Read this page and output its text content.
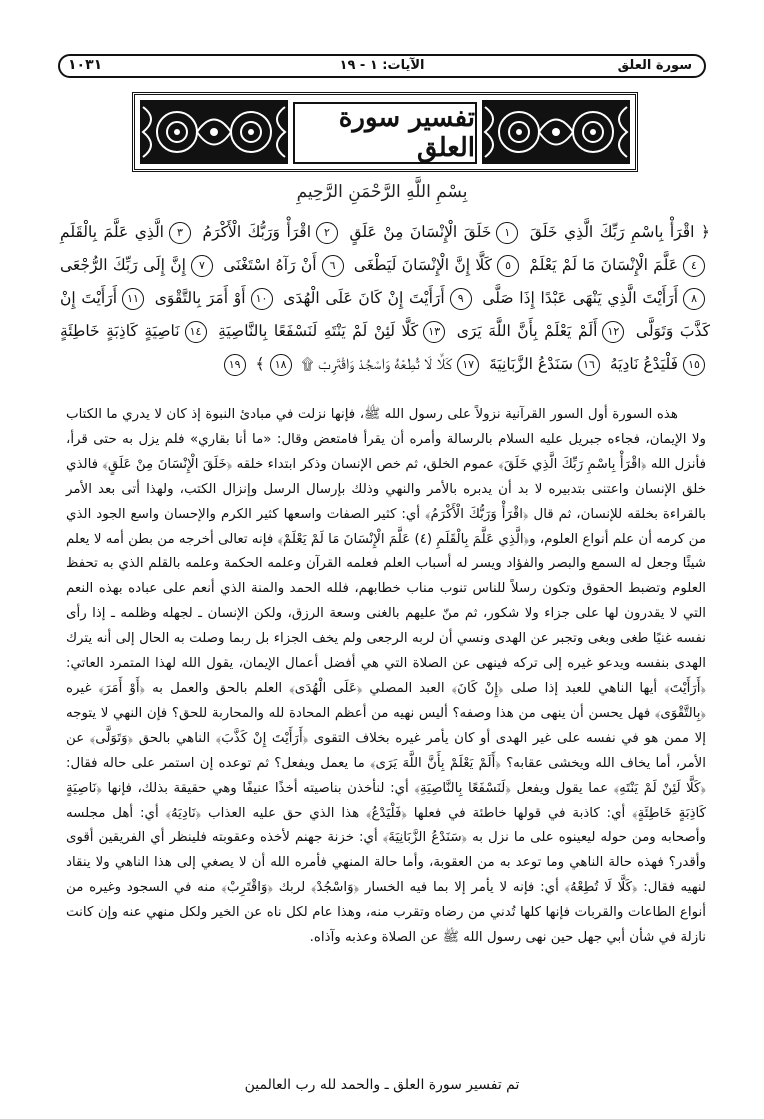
سورة العلق
الآيات: ١ - ١٩
١٠٣١
تفسير سورة العلق
بِسْمِ اللَّهِ الرَّحْمَنِ الرَّحِيمِ
﴿ اقْرَأْ بِاسْمِ رَبِّكَ الَّذِي خَلَقَ ١خَلَقَ الْإِنْسَانَ مِنْ عَلَقٍ ٢اقْرَأْ وَرَبُّكَ الْأَكْرَمُ ٣الَّذِي عَلَّمَ بِالْقَلَمِ ٤عَلَّمَ الْإِنْسَانَ مَا لَمْ يَعْلَمْ ٥كَلَّا إِنَّ الْإِنْسَانَ لَيَطْغَى ٦أَنْ رَآهُ اسْتَغْنَى ٧إِنَّ إِلَى رَبِّكَ الرُّجْعَى ٨أَرَأَيْتَ الَّذِي يَنْهَى عَبْدًا إِذَا صَلَّى ٩أَرَأَيْتَ إِنْ كَانَ عَلَى الْهُدَى ١٠أَوْ أَمَرَ بِالتَّقْوَى ١١أَرَأَيْتَ إِنْ كَذَّبَ وَتَوَلَّى ١٢أَلَمْ يَعْلَمْ بِأَنَّ اللَّهَ يَرَى ١٣كَلَّا لَئِنْ لَمْ يَنْتَهِ لَنَسْفَعًا بِالنَّاصِيَةِ ١٤نَاصِيَةٍ كَاذِبَةٍ خَاطِئَةٍ ١٥فَلْيَدْعُ نَادِيَهُ ١٦سَنَدْعُ الزَّبَانِيَةَ ١٧كَلَّا لَا تُطِعْهُ وَاسْجُدْ وَاقْتَرِبْ ۩ ١٨﴾ ١٩

هذه السورة أول السور القرآنية نزولاً على رسول الله ﷺ، فإنها نزلت في مبادئ النبوة إذ كان لا يدري ما الكتاب ولا الإيمان، فجاءه جبريل عليه السلام بالرسالة وأمره أن يقرأ فامتعض وقال: «ما أنا بقاري» فلم يزل به حتى قرأ، فأنزل الله ﴿اقْرَأْ بِاسْمِ رَبِّكَ الَّذِي خَلَقَ﴾ عموم الخلق، ثم خص الإنسان وذكر ابتداء خلقه ﴿خَلَقَ الْإِنْسَانَ مِنْ عَلَقٍ﴾ فالذي خلق الإنسان واعتنى بتدبيره لا بد أن يدبره بالأمر والنهي وذلك بإرسال الرسل وإنزال الكتب، ولهذا أتى بعد الأمر بالقراءة بخلقه للإنسان، ثم قال ﴿اقْرَأْ وَرَبُّكَ الْأَكْرَمُ﴾ أي: كثير الصفات واسعها كثير الكرم والإحسان واسع الجود الذي من كرمه أن علم أنواع العلوم، و﴿الَّذِي عَلَّمَ بِالْقَلَمِ (٤) عَلَّمَ الْإِنْسَانَ مَا لَمْ يَعْلَمْ﴾ فإنه تعالى أخرجه من بطن أمه لا يعلم شيئًا وجعل له السمع والبصر والفؤاد ويسر له أسباب العلم فعلمه القرآن وعلمه الحكمة وعلمه بالقلم الذي به تحفظ العلوم وتضبط الحقوق وتكون رسلاً للناس تنوب مناب خطابهم، فلله الحمد والمنة الذي أنعم على عباده بهذه النعم التي لا يقدرون لها على جزاء ولا شكور، ثم منّ عليهم بالغنى وسعة الرزق، ولكن الإنسان ـ لجهله وظلمه ـ إذا رأى نفسه غنيًا طغى وبغى وتجبر عن الهدى ونسي أن لربه الرجعى ولم يخف الجزاء بل ربما وصلت به الحال إلى أنه يترك الهدى بنفسه ويدعو غيره إلى تركه فينهى عن الصلاة التي هي أفضل أعمال الإيمان، يقول الله لهذا المتمرد العاتي: ﴿أَرَأَيْتَ﴾ أيها الناهي للعبد إذا صلى ﴿إِنْ كَانَ﴾ العبد المصلي ﴿عَلَى الْهُدَى﴾ العلم بالحق والعمل به ﴿أَوْ أَمَرَ﴾ غيره ﴿بِالتَّقْوَى﴾ فهل يحسن أن ينهى من هذا وصفه؟ أليس نهيه من أعظم المحادة لله والمحاربة للحق؟ فإن النهي لا يتوجه إلا ممن هو في نفسه على غير الهدى أو كان يأمر غيره بخلاف التقوى ﴿أَرَأَيْتَ إِنْ كَذَّبَ﴾ الناهي بالحق ﴿وَتَوَلَّى﴾ عن الأمر، أما يخاف الله ويخشى عقابه؟ ﴿أَلَمْ يَعْلَمْ بِأَنَّ اللَّهَ يَرَى﴾ ما يعمل ويفعل؟ ثم توعده إن استمر على حاله فقال: ﴿كَلَّا لَئِنْ لَمْ يَنْتَهِ﴾ عما يقول ويفعل ﴿لَنَسْفَعًا بِالنَّاصِيَةِ﴾ أي: لنأخذن بناصيته أخذًا عنيفًا وهي حقيقة بذلك، فإنها ﴿نَاصِيَةٍ كَاذِبَةٍ خَاطِئَةٍ﴾ أي: كاذبة في قولها خاطئة في فعلها ﴿فَلْيَدْعُ﴾ هذا الذي حق عليه العذاب ﴿نَادِيَهُ﴾ أي: أهل مجلسه وأصحابه ومن حوله ليعينوه على ما نزل به ﴿سَنَدْعُ الزَّبَانِيَةَ﴾ أي: خزنة جهنم لأخذه وعقوبته فلينظر أي الفريقين أقوى وأقدر؟ فهذه حالة الناهي وما توعد به من العقوبة، وأما حالة المنهي فأمره الله أن لا يصغي إلى هذا الناهي ولا ينقاد لنهيه فقال: ﴿كَلَّا لَا تُطِعْهُ﴾ أي: فإنه لا يأمر إلا بما فيه الخسار ﴿وَاسْجُدْ﴾ لربك ﴿وَاقْتَرِبْ﴾ منه في السجود وغيره من أنواع الطاعات والقربات فإنها كلها تُدني من رضاه وتقرب منه، وهذا عام لكل ناه عن الخير ولكل منهي عنه وإن كانت نازلة في شأن أبي جهل حين نهى رسول الله ﷺ عن الصلاة وعذبه وآذاه.

تم تفسير سورة العلق ـ والحمد لله رب العالمين
